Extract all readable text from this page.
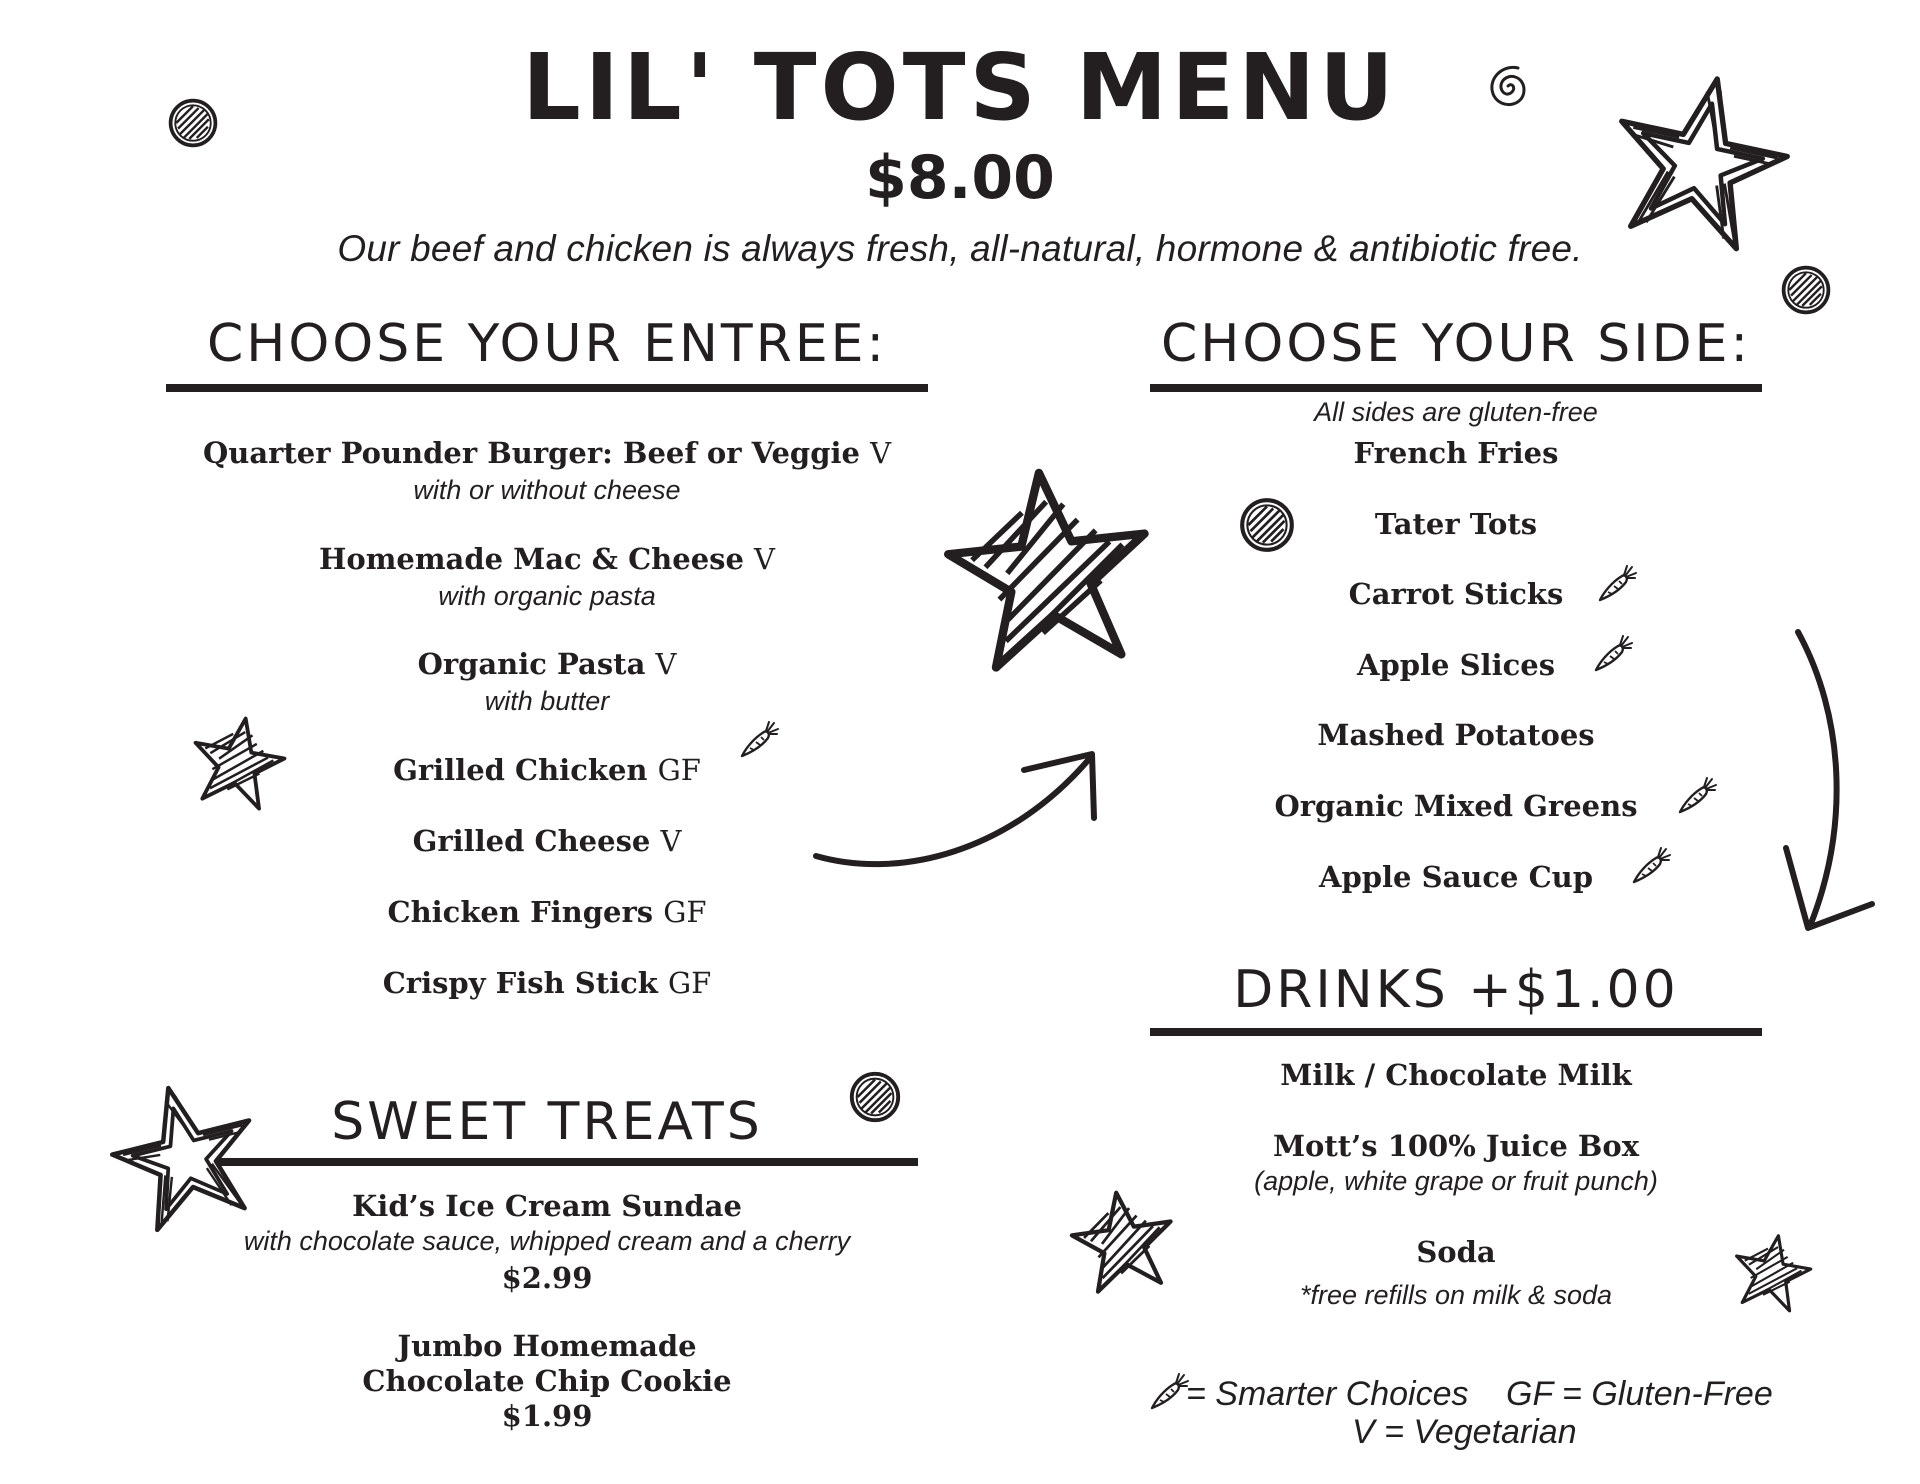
LIL' TOTS MENU
$8.00
Our beef and chicken is always fresh, all-natural, hormone & antibiotic free.
CHOOSE YOUR ENTREE:
Quarter Pounder Burger: Beef or Veggie V
with or without cheese
Homemade Mac & Cheese V
with organic pasta
Organic Pasta V
with butter
Grilled Chicken GF
Grilled Cheese V
Chicken Fingers GF
Crispy Fish Stick GF
SWEET TREATS
Kid’s Ice Cream Sundae
with chocolate sauce, whipped cream and a cherry
$2.99
Jumbo Homemade
Chocolate Chip Cookie
$1.99
CHOOSE YOUR SIDE:
All sides are gluten-free
French Fries
Tater Tots
Carrot Sticks
Apple Slices
Mashed Potatoes
Organic Mixed Greens
Apple Sauce Cup
DRINKS +$1.00
Milk / Chocolate Milk
Mott’s 100% Juice Box
(apple, white grape or fruit punch)
Soda
*free refills on milk & soda
= Smarter Choices GF = Gluten-Free
V = Vegetarian
